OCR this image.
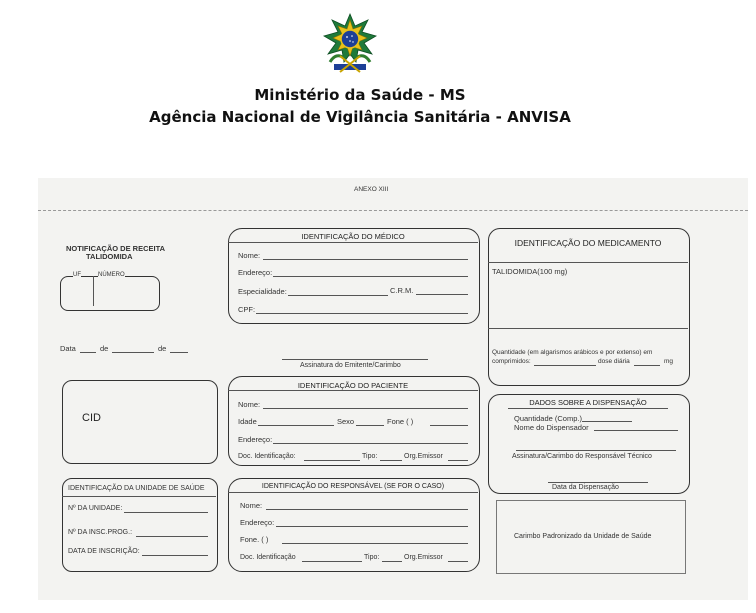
Ministério da Saúde - MS
Agência Nacional de Vigilância Sanitária - ANVISA
ANEXO XIII
NOTIFICAÇÃO DE RECEITA
TALIDOMIDA
UF	NÚMERO
Data	de	de
IDENTIFICAÇÃO DO MÉDICO
Nome:
Endereço:
Especialidade:	C.R.M.
CPF:
Assinatura do Emitente/Carimbo
IDENTIFICAÇÃO DO MEDICAMENTO
TALIDOMIDA(100 mg)
Quantidade (em algarismos arábicos e por extenso) em
comprimidos:	dose diária	mg
CID
IDENTIFICAÇÃO DO PACIENTE
Nome:
Idade	Sexo	Fone ( )
Endereço:
Doc. Identificação:	Tipo:	Org.Emissor
DADOS SOBRE A DISPENSAÇÃO
Quantidade (Comp.)
Nome do Dispensador
Assinatura/Carimbo do Responsável Técnico
Data da Dispensação
IDENTIFICAÇÃO DA UNIDADE DE SAÚDE
Nº DA UNIDADE:
Nº DA INSC.PROG.:
DATA DE INSCRIÇÃO:
IDENTIFICAÇÃO DO RESPONSÁVEL (SE FOR O CASO)
Nome:
Endereço:
Fone. ( )
Doc. Identificação	Tipo:	Org.Emissor
Carimbo Padronizado da Unidade de Saúde
